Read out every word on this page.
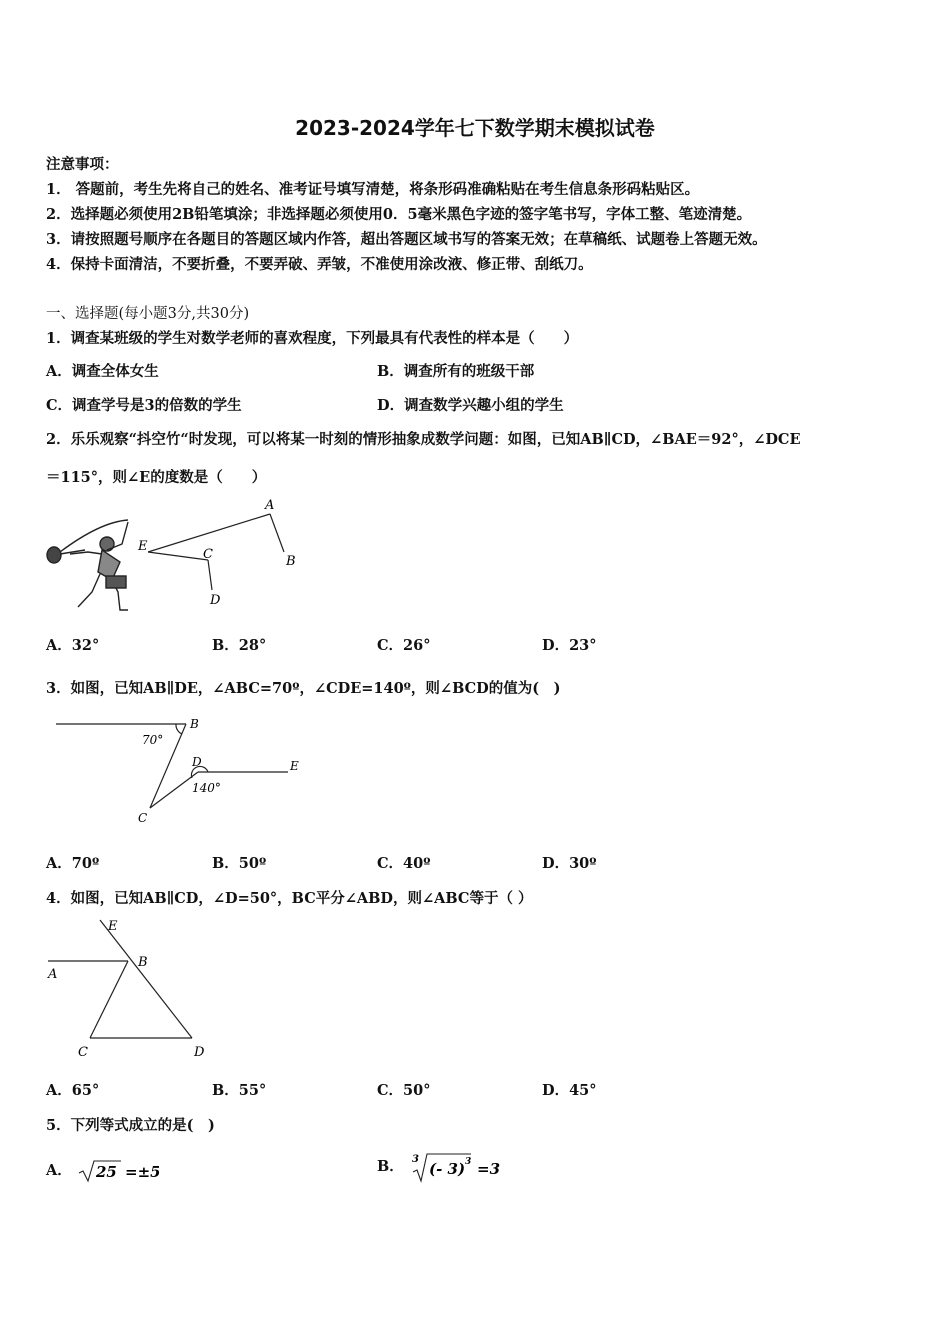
2023-2024学年七下数学期末模拟试卷
注意事项：
1． 答题前，考生先将自己的姓名、准考证号填写清楚，将条形码准确粘贴在考生信息条形码粘贴区。
2．选择题必须使用2B铅笔填涂；非选择题必须使用0．5毫米黑色字迹的签字笔书写，字体工整、笔迹清楚。
3．请按照题号顺序在各题目的答题区域内作答，超出答题区域书写的答案无效；在草稿纸、试题卷上答题无效。
4．保持卡面清洁，不要折叠，不要弄破、弄皱，不准使用涂改液、修正带、刮纸刀。
一、选择题(每小题3分,共30分)
1．调查某班级的学生对数学老师的喜欢程度，下列最具有代表性的样本是（　　）
A．调查全体女生	B．调查所有的班级干部
C．调查学号是3的倍数的学生	D．调查数学兴趣小组的学生
2．乐乐观察“抖空竹“时发现，可以将某一时刻的情形抽象成数学问题：如图，已知AB∥CD，∠BAE＝92°，∠DCE
＝115°，则∠E的度数是（　　）
A
B
C
D
E
A．32°	B．28°	C．26°	D．23°
3．如图，已知AB∥DE，∠ABC=70º，∠CDE=140º，则∠BCD的值为(　)
B
C
D	E
70°
140°
A．70º	B．50º	C．40º	D．30º
4．如图，已知AB∥CD，∠D=50°，BC平分∠ABD，则∠ABC等于（ ）
A
B
C	D
E
A．65°	B．55°	C．50°	D．45°
5．下列等式成立的是(　)
A． 25 =±5	B． 3
(- 3) 3 =3
